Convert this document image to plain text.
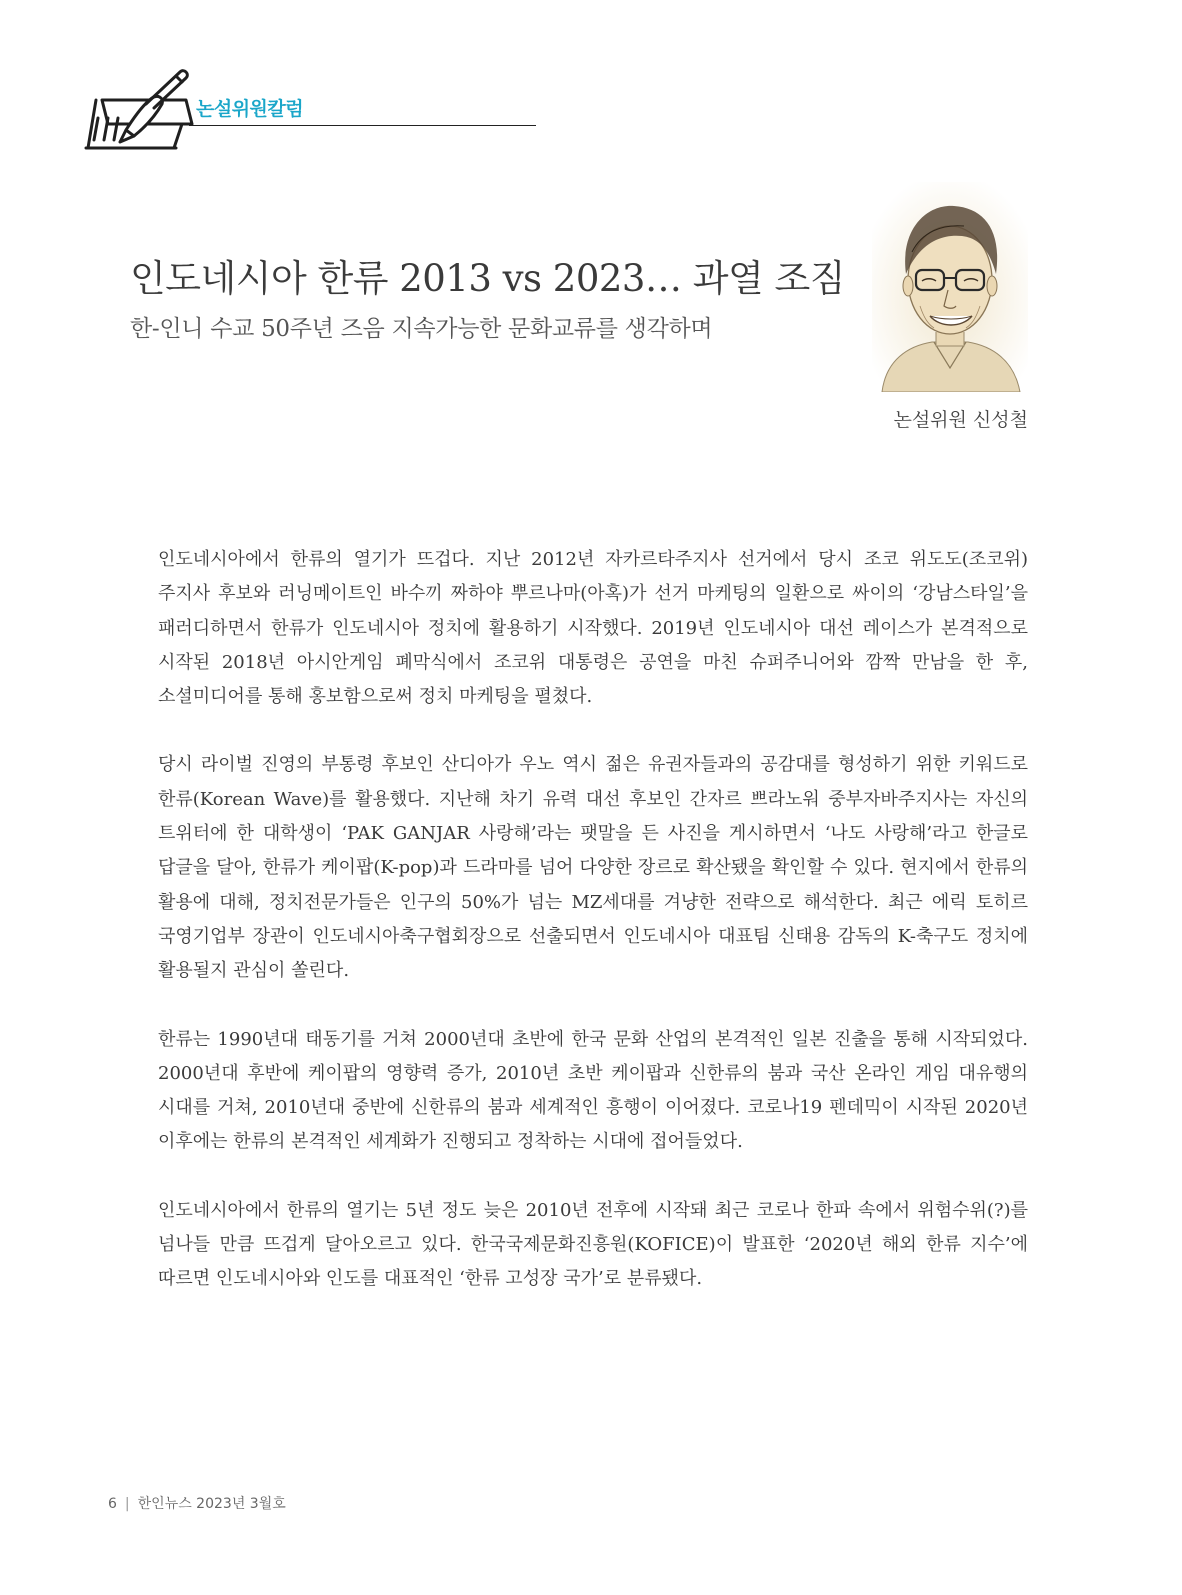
논설위원칼럼
인도네시아 한류 2013 vs 2023… 과열 조짐
한-인니 수교 50주년 즈음 지속가능한 문화교류를 생각하며
논설위원 신성철

인도네시아에서 한류의 열기가 뜨겁다. 지난 2012년 자카르타주지사 선거에서 당시 조코 위도도(조코위) 주지사 후보와 러닝메이트인 바수끼 짜하야 뿌르나마(아혹)가 선거 마케팅의 일환으로 싸이의 ‘강남스타일’을 패러디하면서 한류가 인도네시아 정치에 활용하기 시작했다. 2019년 인도네시아 대선 레이스가 본격적으로 시작된 2018년 아시안게임 폐막식에서 조코위 대통령은 공연을 마친 슈퍼주니어와 깜짝 만남을 한 후, 소셜미디어를 통해 홍보함으로써 정치 마케팅을 펼쳤다.

당시 라이벌 진영의 부통령 후보인 산디아가 우노 역시 젊은 유권자들과의 공감대를 형성하기 위한 키워드로 한류(Korean Wave)를 활용했다. 지난해 차기 유력 대선 후보인 간자르 쁘라노워 중부자바주지사는 자신의 트위터에 한 대학생이 ‘PAK GANJAR 사랑해’라는 팻말을 든 사진을 게시하면서 ‘나도 사랑해’라고 한글로 답글을 달아, 한류가 케이팝(K-pop)과 드라마를 넘어 다양한 장르로 확산됐을 확인할 수 있다. 현지에서 한류의 활용에 대해, 정치전문가들은 인구의 50%가 넘는 MZ세대를 겨냥한 전략으로 해석한다. 최근 에릭 토히르 국영기업부 장관이 인도네시아축구협회장으로 선출되면서 인도네시아 대표팀 신태용 감독의 K-축구도 정치에 활용될지 관심이 쏠린다.

한류는 1990년대 태동기를 거쳐 2000년대 초반에 한국 문화 산업의 본격적인 일본 진출을 통해 시작되었다. 2000년대 후반에 케이팝의 영향력 증가, 2010년 초반 케이팝과 신한류의 붐과 국산 온라인 게임 대유행의 시대를 거쳐, 2010년대 중반에 신한류의 붐과 세계적인 흥행이 이어졌다. 코로나19 펜데믹이 시작된 2020년 이후에는 한류의 본격적인 세계화가 진행되고 정착하는 시대에 접어들었다.

인도네시아에서 한류의 열기는 5년 정도 늦은 2010년 전후에 시작돼 최근 코로나 한파 속에서 위험수위(?)를 넘나들 만큼 뜨겁게 달아오르고 있다. 한국국제문화진흥원(KOFICE)이 발표한 ‘2020년 해외 한류 지수’에 따르면 인도네시아와 인도를 대표적인 ‘한류 고성장 국가’로 분류됐다.

6 | 한인뉴스 2023년 3월호
